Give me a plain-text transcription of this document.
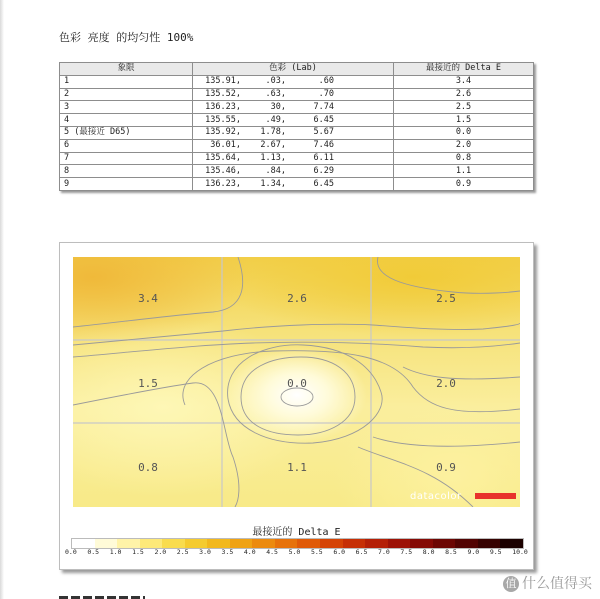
色彩 亮度 的均匀性 100%
象限	色彩 (Lab)	最接近的 Delta E
1	135.91, .03, .60	3.4
2	135.52, .63, .70	2.6
3	136.23, 30, 7.74	2.5
4	135.55, .49, 6.45	1.5
5 (最接近 D65)	135.92, 1.78, 5.67	0.0
6	36.01, 2.67, 7.46	2.0
7	135.64, 1.13, 6.11	0.8
8	135.46, .84, 6.29	1.1
9	136.23, 1.34, 6.45	0.9
3.4	2.6	2.5
1.5	0.0	2.0
0.8	1.1	0.9
datacolor
最接近的 Delta E
0.0 0.5 1.0 1.5 2.0 2.5 3.0 3.5 4.0 4.5 5.0 5.5 6.0 6.5 7.0 7.5 8.0 8.5 9.0 9.5 10.0
值 什么值得买
